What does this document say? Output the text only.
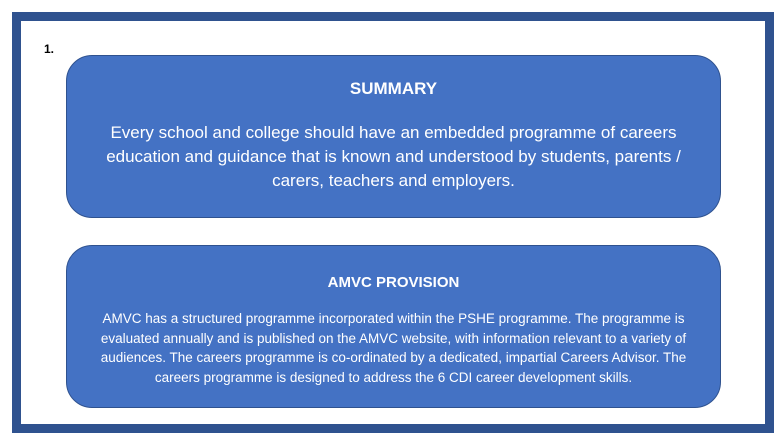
1.
SUMMARY
Every school and college should have an embedded programme of careers education and guidance that is known and understood by students, parents / carers, teachers and employers.
AMVC PROVISION
AMVC has a structured programme incorporated within the PSHE programme. The programme is evaluated annually and is published on the AMVC website, with information relevant to a variety of audiences. The careers programme is co-ordinated by a dedicated, impartial Careers Advisor. The careers programme is designed to address the 6 CDI career development skills.
